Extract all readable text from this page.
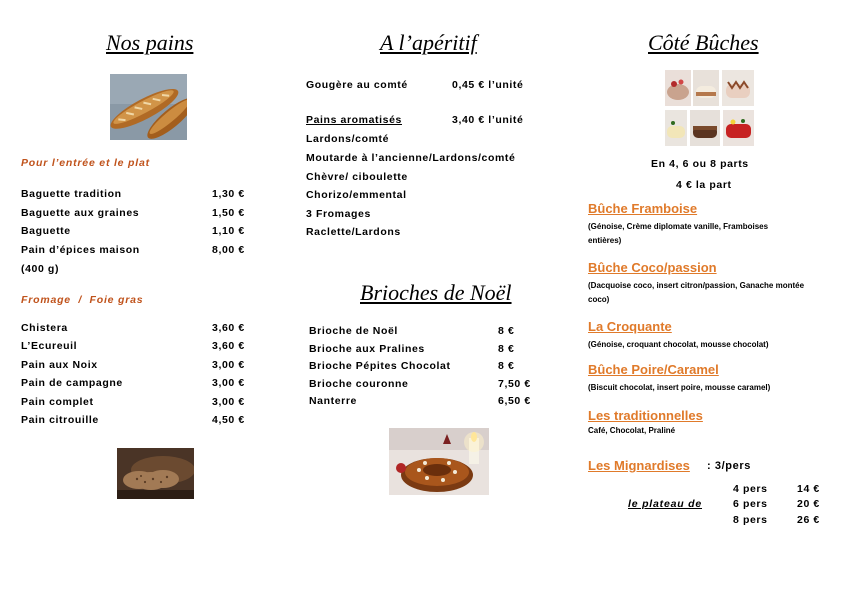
Nos pains
Pour l’entrée et le plat
Baguette tradition	1,30 €
Baguette aux graines	1,50 €
Baguette	1,10 €
Pain d’épices maison	8,00 €
(400 g)
Fromage  /  Foie gras
Chistera	3,60 €
L’Ecureuil	3,60 €
Pain aux Noix	3,00 €
Pain de campagne	3,00 €
Pain complet	3,00 €
Pain citrouille	4,50 €
A l’apéritif
Gougère au comté	0,45 € l’unité
Pains aromatisés	3,40 € l’unité
Lardons/comté
Moutarde à l’ancienne/Lardons/comté
Chèvre/ ciboulette
Chorizo/emmental
3 Fromages
Raclette/Lardons
Brioches de Noël
Brioche de Noël	8 €
Brioche aux Pralines	8 €
Brioche Pépites Chocolat	8 €
Brioche couronne	7,50 €
Nanterre	6,50 €
Côté Bûches
En 4, 6 ou 8 parts
4 € la part
Bûche Framboise
(Génoise, Crème diplomate vanille, Framboises entières)
Bûche Coco/passion
(Dacquoise coco, insert citron/passion, Ganache montée coco)
La Croquante
(Génoise, croquant chocolat, mousse chocolat)
Bûche Poire/Caramel
(Biscuit chocolat, insert poire, mousse caramel)
Les traditionnelles
Café, Chocolat, Praliné
Les Mignardises : 3/pers
4 pers	14 €
le plateau de	6 pers	20 €
8 pers	26 €
